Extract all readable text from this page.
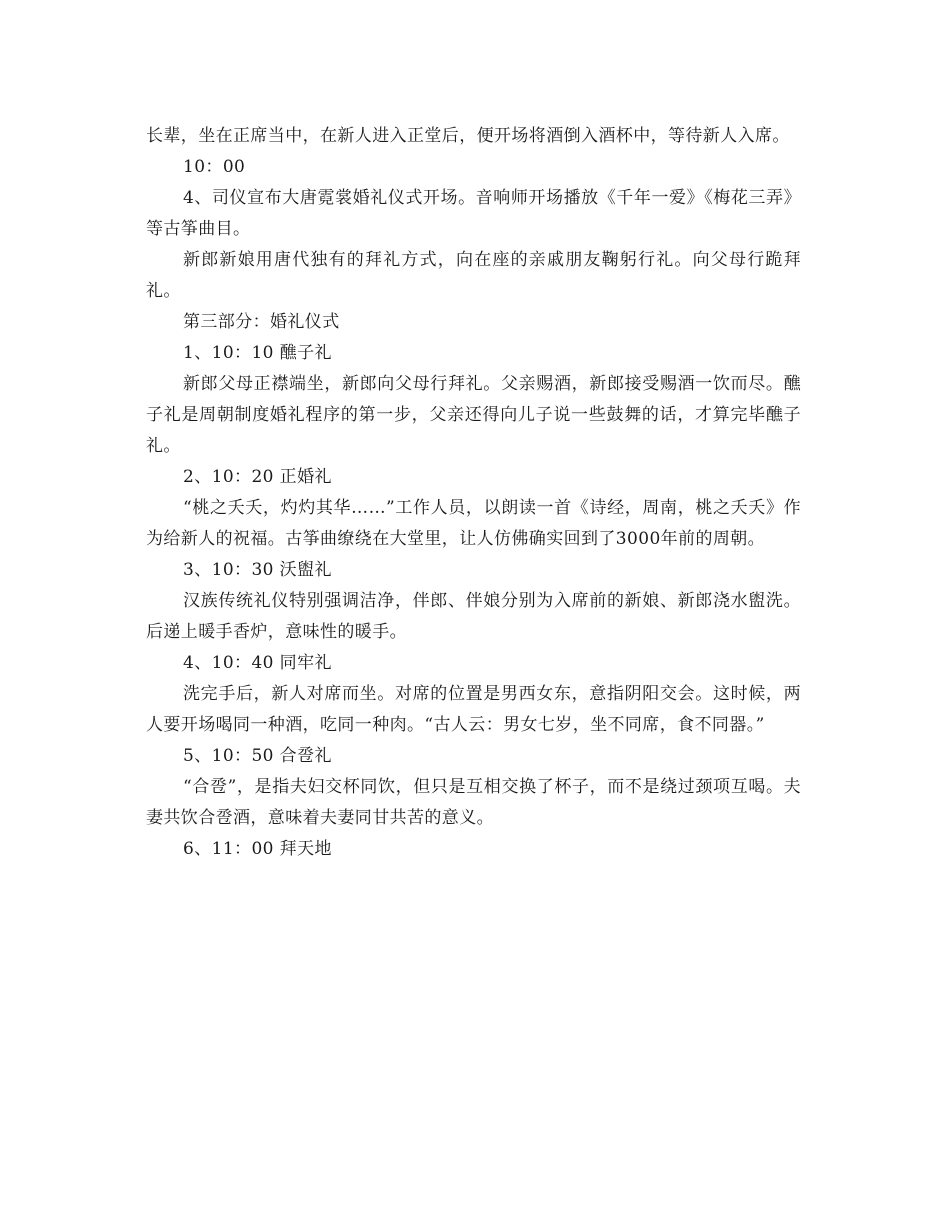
长辈，坐在正席当中，在新人进入正堂后，便开场将酒倒入酒杯中，等待新人入席。

10：00

4、司仪宣布大唐霓裳婚礼仪式开场。音响师开场播放《千年一爱》《梅花三弄》等古筝曲目。

新郎新娘用唐代独有的拜礼方式，向在座的亲戚朋友鞠躬行礼。向父母行跪拜礼。

第三部分：婚礼仪式

1、10：10 醮子礼

新郎父母正襟端坐，新郎向父母行拜礼。父亲赐酒，新郎接受赐酒一饮而尽。醮子礼是周朝制度婚礼程序的第一步，父亲还得向儿子说一些鼓舞的话，才算完毕醮子礼。

2、10：20 正婚礼

“桃之夭夭，灼灼其华……”工作人员，以朗读一首《诗经，周南，桃之夭夭》作为给新人的祝福。古筝曲缭绕在大堂里，让人仿佛确实回到了3000年前的周朝。

3、10：30 沃盥礼

汉族传统礼仪特别强调洁净，伴郎、伴娘分别为入席前的新娘、新郎浇水盥洗。后递上暖手香炉，意味性的暖手。

4、10：40 同牢礼

洗完手后，新人对席而坐。对席的位置是男西女东，意指阴阳交会。这时候，两人要开场喝同一种酒，吃同一种肉。“古人云：男女七岁，坐不同席，食不同器。”

5、10：50 合卺礼

“合卺”，是指夫妇交杯同饮，但只是互相交换了杯子，而不是绕过颈项互喝。夫妻共饮合卺酒，意味着夫妻同甘共苦的意义。

6、11：00 拜天地
